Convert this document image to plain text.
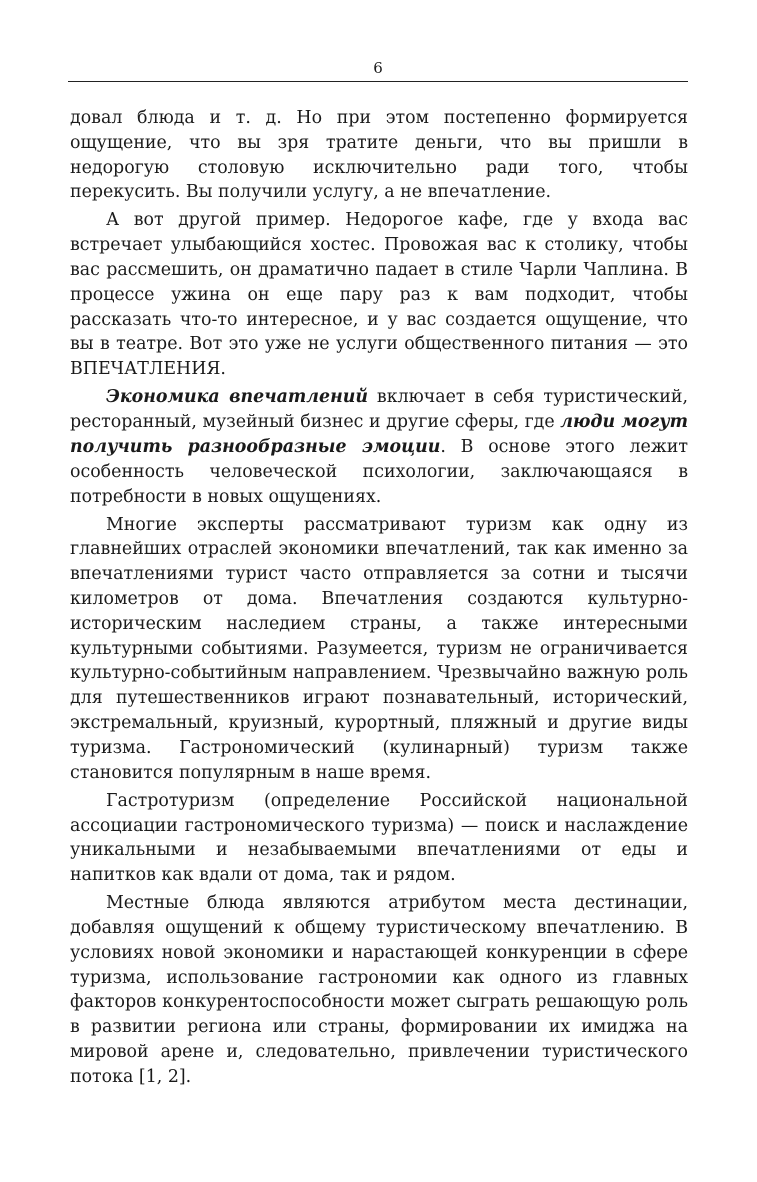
6

довал блюда и т. д. Но при этом постепенно формируется ощущение, что вы зря тратите деньги, что вы пришли в недорогую столовую исключительно ради того, чтобы перекусить. Вы получили услугу, а не впечатление.

А вот другой пример. Недорогое кафе, где у входа вас встречает улыбающийся хостес. Провожая вас к столику, чтобы вас рассмешить, он драматично падает в стиле Чарли Чаплина. В процессе ужина он еще пару раз к вам подходит, чтобы рассказать что-то интересное, и у вас создается ощущение, что вы в театре. Вот это уже не услуги общественного питания — это ВПЕЧАТЛЕНИЯ.

Экономика впечатлений включает в себя туристический, ресторанный, музейный бизнес и другие сферы, где люди могут получить разнообразные эмоции. В основе этого лежит особенность человеческой психологии, заключающаяся в потребности в новых ощущениях.

Многие эксперты рассматривают туризм как одну из главнейших отраслей экономики впечатлений, так как именно за впечатлениями турист часто отправляется за сотни и тысячи километров от дома. Впечатления создаются культурно-историческим наследием страны, а также интересными культурными событиями. Разумеется, туризм не ограничивается культурно-событийным направлением. Чрезвычайно важную роль для путешественников играют познавательный, исторический, экстремальный, круизный, курортный, пляжный и другие виды туризма. Гастрономический (кулинарный) туризм также становится популярным в наше время.

Гастротуризм (определение Российской национальной ассоциации гастрономического туризма) — поиск и наслаждение уникальными и незабываемыми впечатлениями от еды и напитков как вдали от дома, так и рядом.

Местные блюда являются атрибутом места дестинации, добавляя ощущений к общему туристическому впечатлению. В условиях новой экономики и нарастающей конкуренции в сфере туризма, использование гастрономии как одного из главных факторов конкурентоспособности может сыграть решающую роль в развитии региона или страны, формировании их имиджа на мировой арене и, следовательно, привлечении туристического потока [1, 2].
